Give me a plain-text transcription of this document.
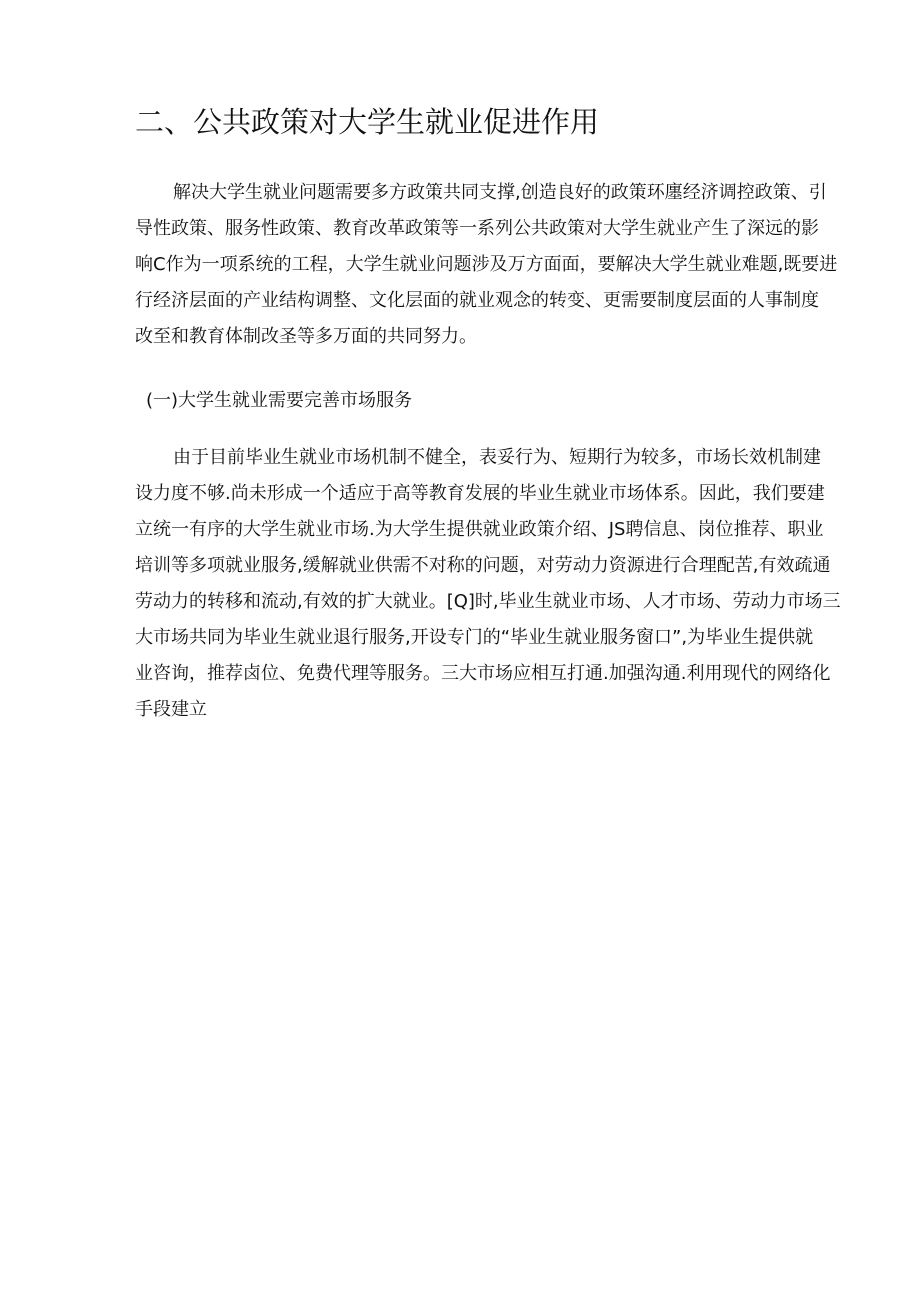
二、公共政策对大学生就业促进作用
解决大学生就业问题需要多方政策共同支撑,创造良好的政策环廛经济调控政策、引
导性政策、服务性政策、教育改革政策等一系列公共政策对大学生就业产生了深远的影
响C作为一项系统的工程，大学生就业问题涉及万方面面，要解决大学生就业难题,既要进
行经济层面的产业结构调整、文化层面的就业观念的转变、更需要制度层面的人事制度
改至和教育体制改圣等多万面的共同努力。
(一)大学生就业需要完善市场服务
由于目前毕业生就业市场机制不健全，表妥行为、短期行为较多，市场长效机制建
设力度不够.尚未形成一个适应于高等教育发展的毕业生就业市场体系。因此，我们要建
立统一有序的大学生就业市场.为大学生提供就业政策介绍、JS聘信息、岗位推荐、职业
培训等多项就业服务,缓解就业供需不对称的问题，对劳动力资源进行合理配苦,有效疏通
劳动力的转移和流动,有效的扩大就业。[Q]时,毕业生就业市场、人才市场、劳动力市场三
大市场共同为毕业生就业退行服务,开设专门的“毕业生就业服务窗口”,为毕业生提供就
业咨询，推荐卤位、免费代理等服务。三大市场应相互打通.加强沟通.利用现代的网络化
手段建立
